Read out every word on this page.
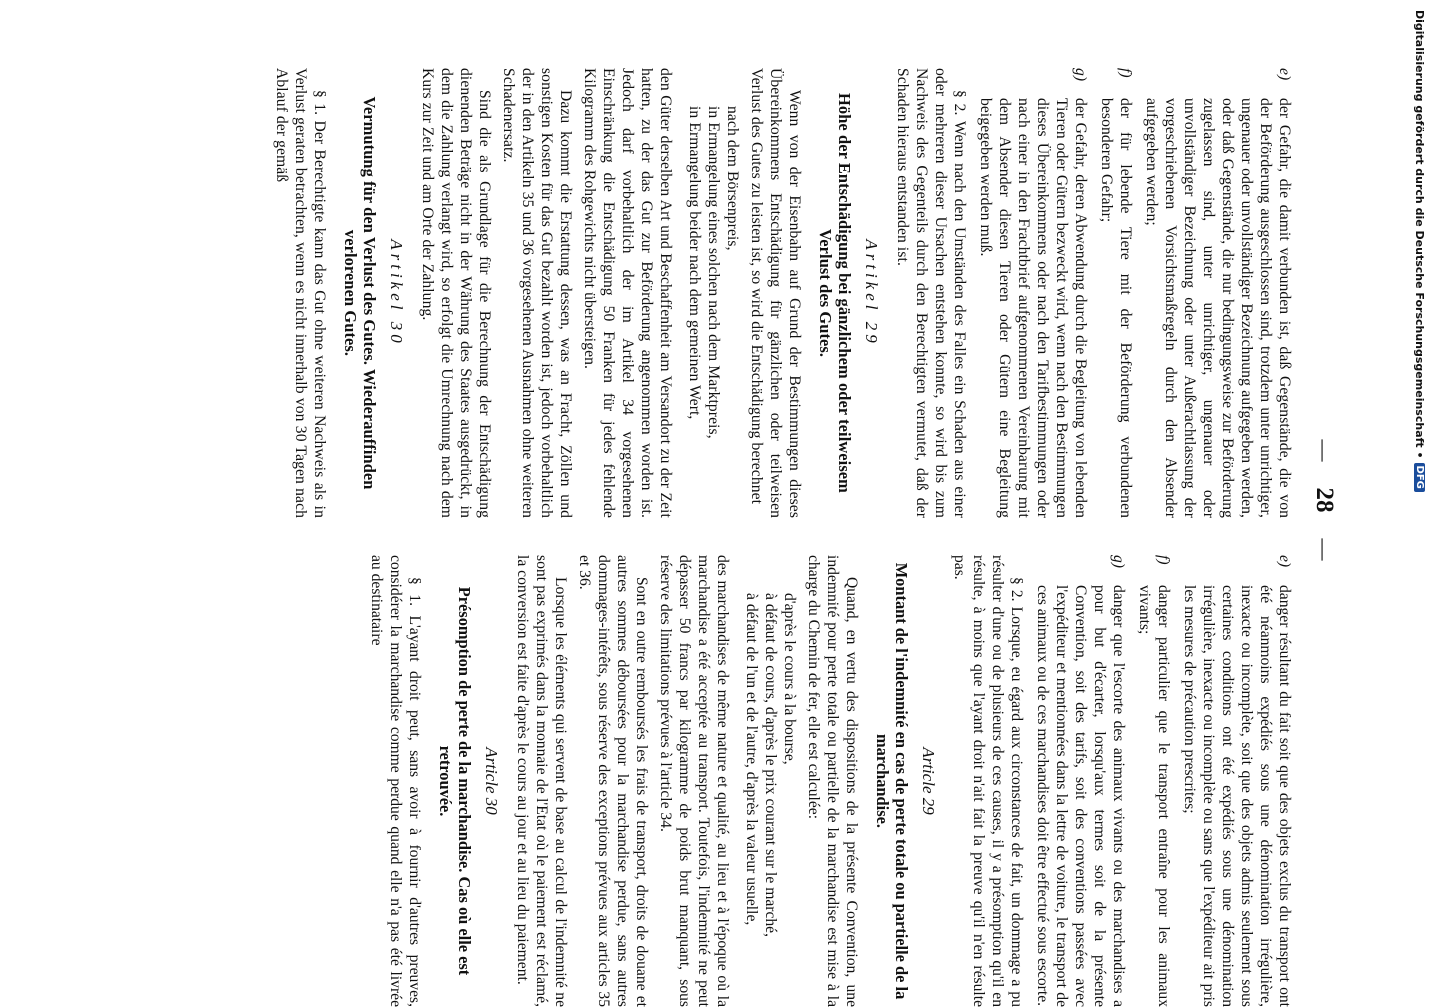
—
28
—
e)
der Gefahr, die damit verbunden ist, daß Gegenstände, die von der Beförderung ausgeschlossen sind, trotzdem unter unrichtiger, ungenauer oder unvollständiger Bezeichnung aufgegeben werden, oder daß Gegenstände, die nur bedingungsweise zur Beförderung zugelassen sind, unter unrichtiger, ungenauer oder unvollständiger Bezeichnung oder unter Außerachtlassung der vorgeschriebenen Vorsichtsmaßregeln durch den Absender aufgegeben werden;
f)
der für lebende Tiere mit der Beförderung verbundenen besonderen Gefahr;
g)
der Gefahr, deren Abwendung durch die Begleitung von lebenden Tieren oder Gütern bezweckt wird, wenn nach den Bestimmungen dieses Übereinkommens oder nach den Tarifbestimmungen oder nach einer in den Frachtbrief aufgenommenen Vereinbarung mit dem Absender diesen Tieren oder Gütern eine Begleitung beigegeben werden muß.

§ 2. Wenn nach den Umständen des Falles ein Schaden aus einer oder mehreren dieser Ursachen entstehen konnte, so wird bis zum Nachweis des Gegenteils durch den Berechtigten vermutet, daß der Schaden hieraus entstanden ist.

Artikel 29
Höhe der Entschädigung bei gänzlichem oder teilweisem Verlust des Gutes.

Wenn von der Eisenbahn auf Grund der Bestimmungen dieses Übereinkommens Entschädigung für gänzlichen oder teilweisen Verlust des Gutes zu leisten ist, so wird die Entschädigung berechnet

nach dem Börsenpreis,

in Ermangelung eines solchen nach dem Marktpreis,

in Ermangelung beider nach dem gemeinen Wert,

den Güter derselben Art und Beschaffenheit am Versandort zu der Zeit hatten, zu der das Gut zur Beförderung angenommen worden ist. Jedoch darf vorbehaltlich der im Artikel 34 vorgesehenen Einschränkung die Entschädigung 50 Franken für jedes fehlende Kilogramm des Rohgewichts nicht übersteigen.

Dazu kommt die Erstattung dessen, was an Fracht, Zöllen und sonstigen Kosten für das Gut bezahlt worden ist, jedoch vorbehaltlich der in den Artikeln 35 und 36 vorgesehenen Ausnahmen ohne weiteren Schadenersatz.

Sind die als Grundlage für die Berechnung der Entschädigung dienenden Beträge nicht in der Währung des Staates ausgedrückt, in dem die Zahlung verlangt wird, so erfolgt die Umrechnung nach dem Kurs zur Zeit und am Orte der Zahlung.

Artikel 30
Vermutung für den Verlust des Gutes. Wiederauffinden verlorenen Gutes.

§ 1. Der Berechtigte kann das Gut ohne weiteren Nachweis als in Verlust geraten betrachten, wenn es nicht innerhalb von 30 Tagen nach Ablauf der gemäß

e)
danger résultant du fait soit que des objets exclus du transport ont été néanmoins expédiés sous une dénomination irrégulière, inexacte ou incomplète, soit que des objets admis seulement sous certaines conditions ont été expédiés sous une dénomination irrégulière, inexacte ou incomplète ou sans que l'expéditeur ait pris les mesures de précaution prescrites;
f)
danger particulier que le transport entraîne pour les animaux vivants;
g)
danger que l'escorte des animaux vivants ou des marchandises a pour but d'écarter, lorsqu'aux termes soit de la présente Convention, soit des tarifs, soit des conventions passées avec l'expéditeur et mentionnées dans la lettre de voiture, le transport de ces animaux ou de ces marchandises doit être effectué sous escorte.

§ 2. Lorsque, eu égard aux circonstances de fait, un dommage a pu résulter d'une ou de plusieurs de ces causes, il y a présomption qu'il en résulte, à moins que l'ayant droit n'ait fait la preuve qu'il n'en résulte pas.

Article 29
Montant de l'indemnité en cas de perte totale ou partielle de la marchandise.

Quand, en vertu des dispositions de la présente Convention, une indemnité pour perte totale ou partielle de la marchandise est mise à la charge du Chemin de fer, elle est calculée:

d'après le cours à la bourse,

à défaut de cours, d'après le prix courant sur le marché,

à défaut de l'un et de l'autre, d'après la valeur usuelle,

des marchandises de même nature et qualité, au lieu et à l'époque où la marchandise a été acceptée au transport. Toutefois, l'indemnité ne peut dépasser 50 francs par kilogramme de poids brut manquant, sous réserve des limitations prévues à l'article 34.

Sont en outre remboursés les frais de transport, droits de douane et autres sommes déboursées pour la marchandise perdue, sans autres dommages-intérêts, sous réserve des exceptions prévues aux articles 35 et 36.

Lorsque les éléments qui servent de base au calcul de l'indemnité ne sont pas exprimés dans la monnaie de l'Etat où le paiement est réclamé, la conversion est faite d'après le cours au jour et au lieu du paiement.

Article 30
Présomption de perte de la marchandise. Cas où elle est retrouvée.

§ 1. L'ayant droit peut, sans avoir à fournir d'autres preuves, considérer la marchandise comme perdue quand elle n'a pas été livrée au destinataire

Digitalisierung gefördert durch die Deutsche Forschungsgemeinschaft •
DFG
